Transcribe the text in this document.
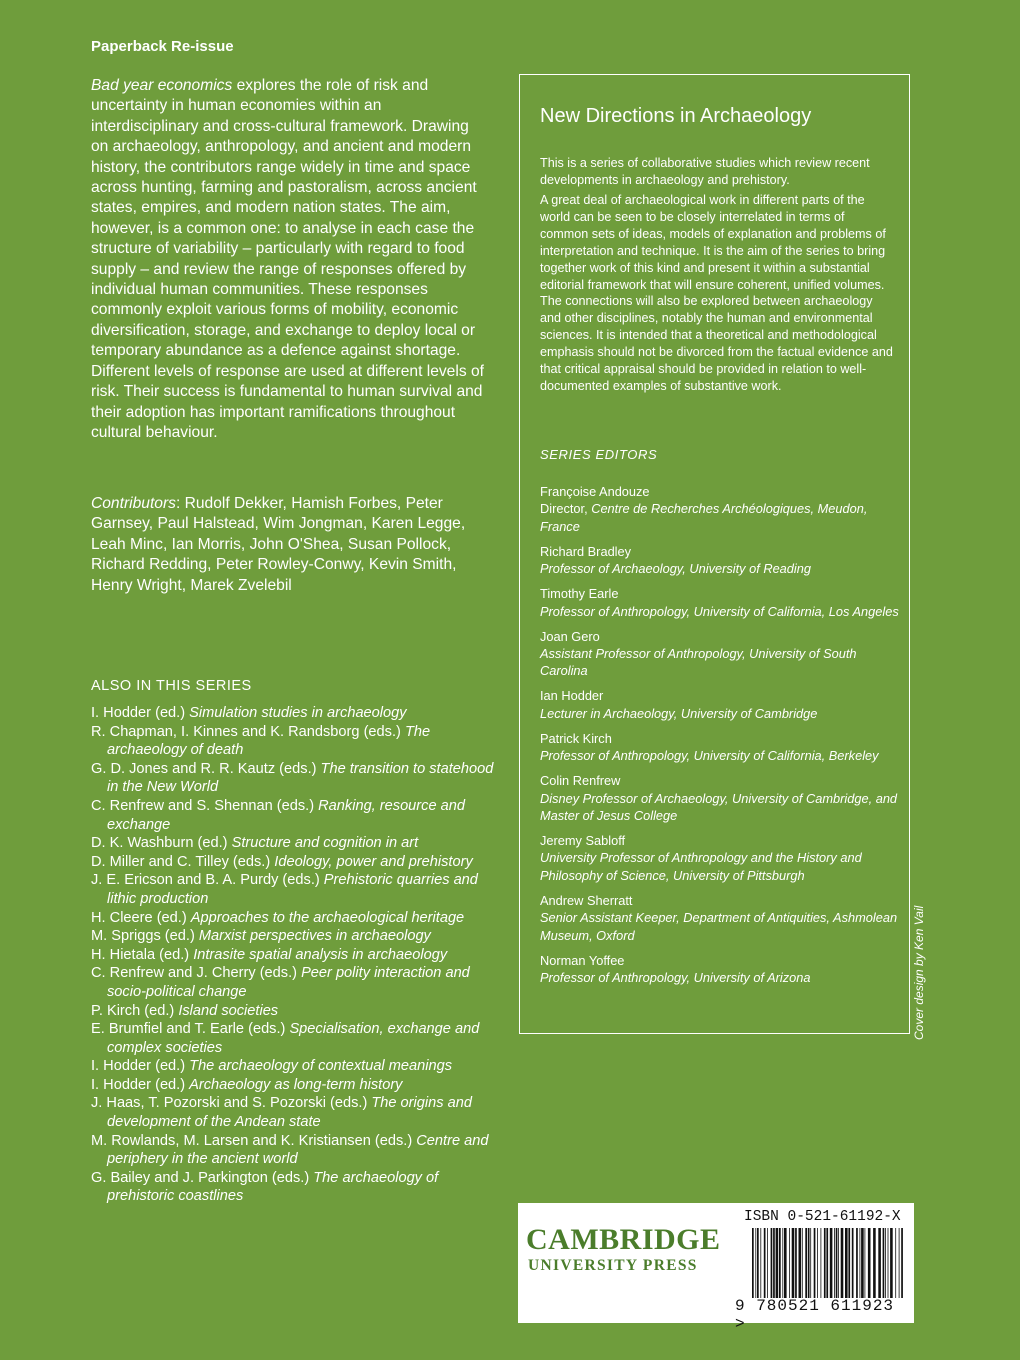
Paperback Re-issue

Bad year economics explores the role of risk and uncertainty in human economies within an interdisciplinary and cross-cultural framework. Drawing on archaeology, anthropology, and ancient and modern history, the contributors range widely in time and space across hunting, farming and pastoralism, across ancient states, empires, and modern nation states. The aim, however, is a common one: to analyse in each case the structure of variability – particularly with regard to food supply – and review the range of responses offered by individual human communities. These responses commonly exploit various forms of mobility, economic diversification, storage, and exchange to deploy local or temporary abundance as a defence against shortage. Different levels of response are used at different levels of risk. Their success is fundamental to human survival and their adoption has important ramifications throughout cultural behaviour.

Contributors: Rudolf Dekker, Hamish Forbes, Peter Garnsey, Paul Halstead, Wim Jongman, Karen Legge, Leah Minc, Ian Morris, John O'Shea, Susan Pollock, Richard Redding, Peter Rowley-Conwy, Kevin Smith, Henry Wright, Marek Zvelebil

ALSO IN THIS SERIES
I. Hodder (ed.) Simulation studies in archaeology
R. Chapman, I. Kinnes and K. Randsborg (eds.) The archaeology of death
G. D. Jones and R. R. Kautz (eds.) The transition to statehood in the New World
C. Renfrew and S. Shennan (eds.) Ranking, resource and exchange
D. K. Washburn (ed.) Structure and cognition in art
D. Miller and C. Tilley (eds.) Ideology, power and prehistory
J. E. Ericson and B. A. Purdy (eds.) Prehistoric quarries and lithic production
H. Cleere (ed.) Approaches to the archaeological heritage
M. Spriggs (ed.) Marxist perspectives in archaeology
H. Hietala (ed.) Intrasite spatial analysis in archaeology
C. Renfrew and J. Cherry (eds.) Peer polity interaction and socio-political change
P. Kirch (ed.) Island societies
E. Brumfiel and T. Earle (eds.) Specialisation, exchange and complex societies
I. Hodder (ed.) The archaeology of contextual meanings
I. Hodder (ed.) Archaeology as long-term history
J. Haas, T. Pozorski and S. Pozorski (eds.) The origins and development of the Andean state
M. Rowlands, M. Larsen and K. Kristiansen (eds.) Centre and periphery in the ancient world
G. Bailey and J. Parkington (eds.) The archaeology of prehistoric coastlines
New Directions in Archaeology

This is a series of collaborative studies which review recent developments in archaeology and prehistory.

A great deal of archaeological work in different parts of the world can be seen to be closely interrelated in terms of common sets of ideas, models of explanation and problems of interpretation and technique. It is the aim of the series to bring together work of this kind and present it within a substantial editorial framework that will ensure coherent, unified volumes. The connections will also be explored between archaeology and other disciplines, notably the human and environmental sciences. It is intended that a theoretical and methodological emphasis should not be divorced from the factual evidence and that critical appraisal should be provided in relation to well-documented examples of substantive work.

SERIES EDITORS
Françoise Andouze
Director, Centre de Recherches Archéologiques, Meudon, France
Richard Bradley
Professor of Archaeology, University of Reading
Timothy Earle
Professor of Anthropology, University of California, Los Angeles
Joan Gero
Assistant Professor of Anthropology, University of South Carolina
Ian Hodder
Lecturer in Archaeology, University of Cambridge
Patrick Kirch
Professor of Anthropology, University of California, Berkeley
Colin Renfrew
Disney Professor of Archaeology, University of Cambridge, and Master of Jesus College
Jeremy Sabloff
University Professor of Anthropology and the History and Philosophy of Science, University of Pittsburgh
Andrew Sherratt
Senior Assistant Keeper, Department of Antiquities, Ashmolean Museum, Oxford
Norman Yoffee
Professor of Anthropology, University of Arizona	Cover design by Ken Vail
CAMBRIDGE
UNIVERSITY PRESS
ISBN 0-521-61192-X
9 780521 611923 >
